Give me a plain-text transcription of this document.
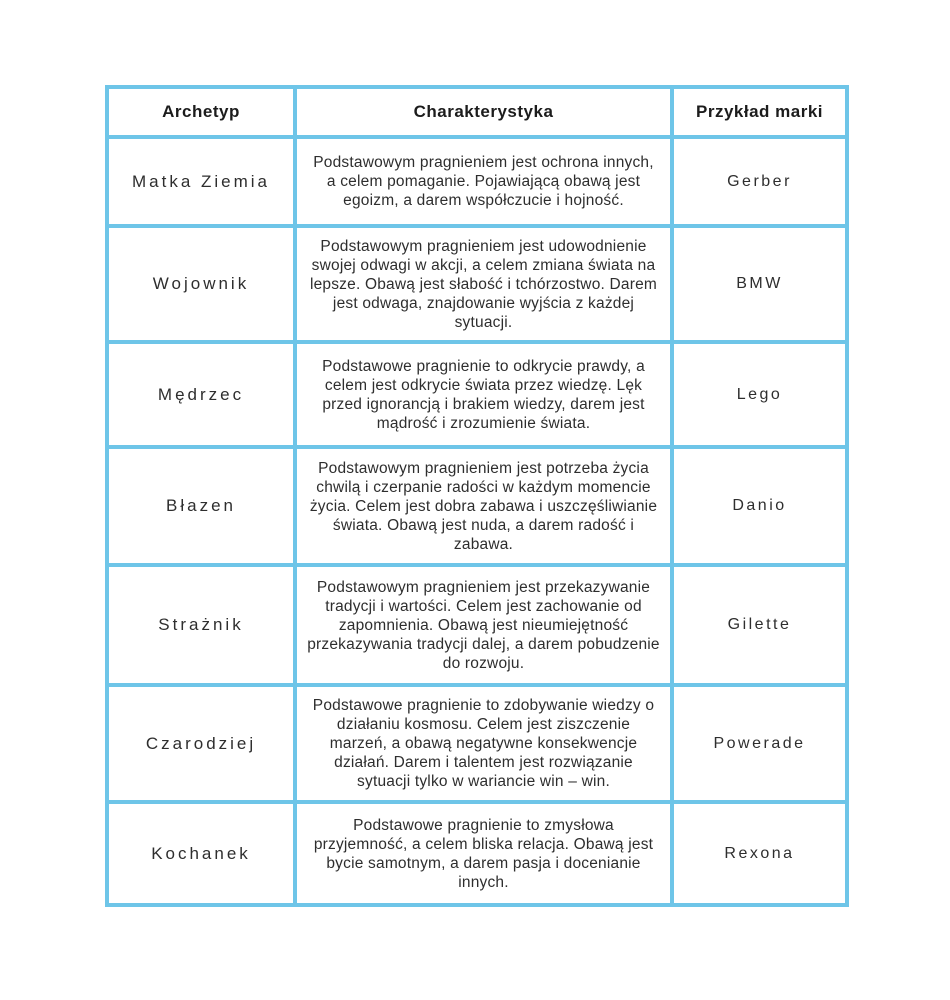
Archetyp	Charakterystyka	Przykład marki
Matka Ziemia	Podstawowym pragnieniem jest ochrona innych, a celem pomaganie. Pojawiającą obawą jest egoizm, a darem współczucie i hojność.	Gerber
Wojownik	Podstawowym pragnieniem jest udowodnienie swojej odwagi w akcji, a celem zmiana świata na lepsze. Obawą jest słabość i tchórzostwo. Darem jest odwaga, znajdowanie wyjścia z każdej sytuacji.	BMW
Mędrzec	Podstawowe pragnienie to odkrycie prawdy, a celem jest odkrycie świata przez wiedzę. Lęk przed ignorancją i brakiem wiedzy, darem jest mądrość i zrozumienie świata.	Lego
Błazen	Podstawowym pragnieniem jest potrzeba życia chwilą i czerpanie radości w każdym momencie życia. Celem jest dobra zabawa i uszczęśliwianie świata. Obawą jest nuda, a darem radość i zabawa.	Danio
Strażnik	Podstawowym pragnieniem jest przekazywanie tradycji i wartości. Celem jest zachowanie od zapomnienia. Obawą jest nieumiejętność przekazywania tradycji dalej, a darem pobudzenie do rozwoju.	Gilette
Czarodziej	Podstawowe pragnienie to zdobywanie wiedzy o działaniu kosmosu. Celem jest ziszczenie marzeń, a obawą negatywne konsekwencje działań. Darem i talentem jest rozwiązanie sytuacji tylko w wariancie win – win.	Powerade
Kochanek	Podstawowe pragnienie to zmysłowa przyjemność, a celem bliska relacja. Obawą jest bycie samotnym, a darem pasja i docenianie innych.	Rexona
